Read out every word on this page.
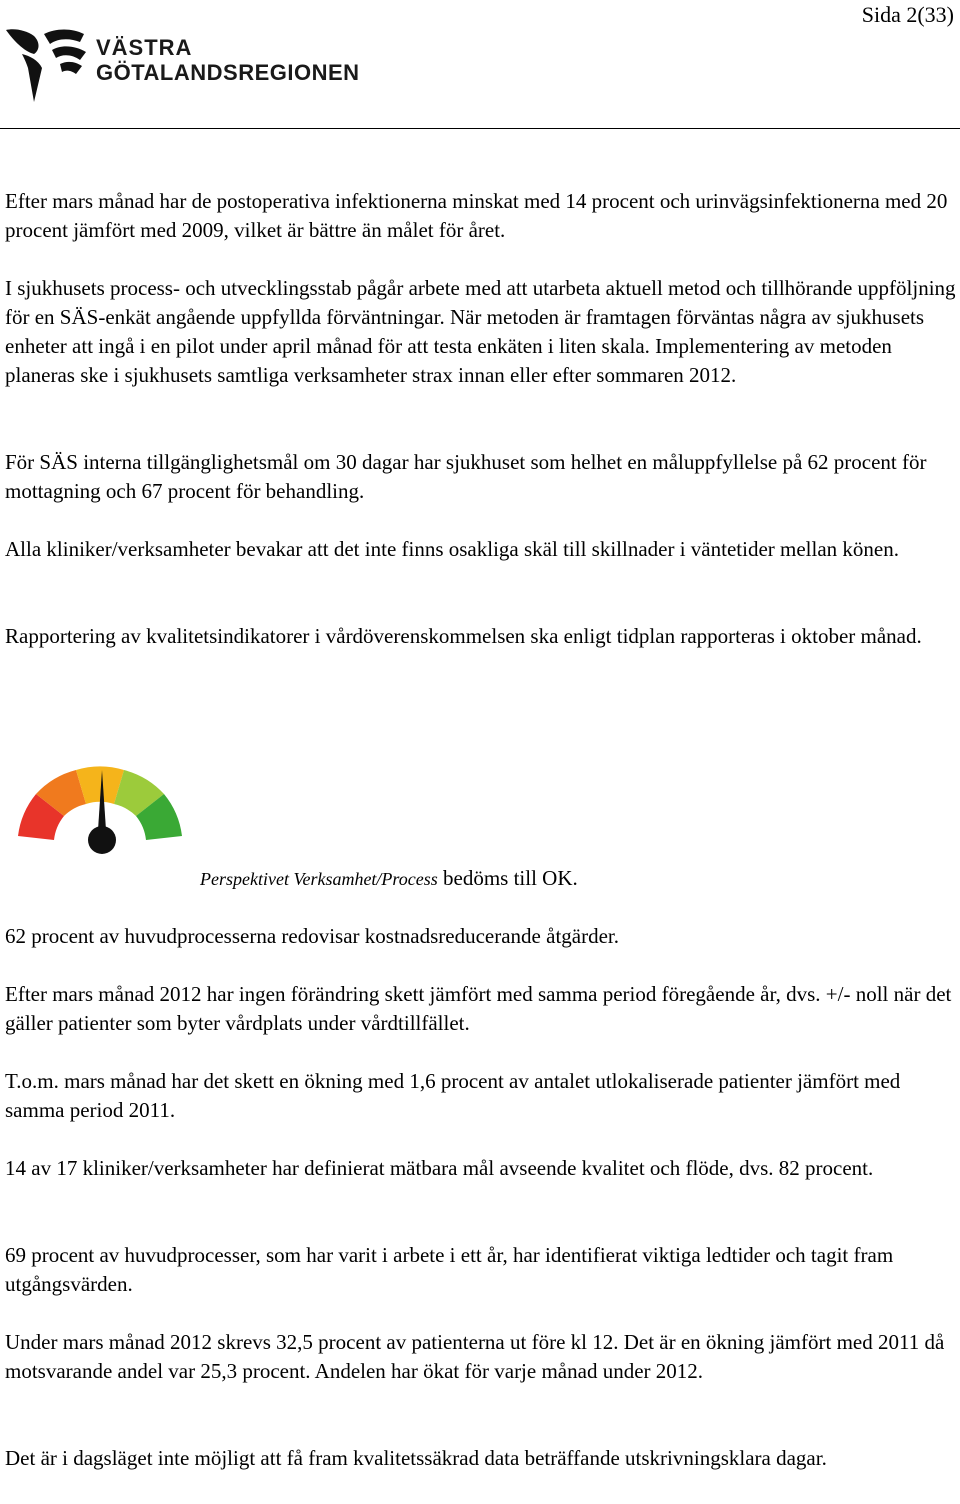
Sida 2(33)
VÄSTRA
GÖTALANDSREGIONEN

Efter mars månad har de postoperativa infektionerna minskat med 14 procent och urinvägsinfektionerna med 20 procent jämfört med 2009, vilket är bättre än målet för året.

I sjukhusets process- och utvecklingsstab pågår arbete med att utarbeta aktuell metod och tillhörande uppföljning för en SÄS-enkät angående uppfyllda förväntningar. När metoden är framtagen förväntas några av sjukhusets enheter att ingå i en pilot under april månad för att testa enkäten i liten skala. Implementering av metoden planeras ske i sjukhusets samtliga verksamheter strax innan eller efter sommaren 2012.

För SÄS interna tillgänglighetsmål om 30 dagar har sjukhuset som helhet en måluppfyllelse på 62 procent för mottagning och 67 procent för behandling.

Alla kliniker/verksamheter bevakar att det inte finns osakliga skäl till skillnader i väntetider mellan könen.

Rapportering av kvalitetsindikatorer i vårdöverenskommelsen ska enligt tidplan rapporteras i oktober månad.

Perspektivet Verksamhet/Process bedöms till OK.

62 procent av huvudprocesserna redovisar kostnadsreducerande åtgärder.

Efter mars månad 2012 har ingen förändring skett jämfört med samma period föregående år, dvs. +/- noll när det gäller patienter som byter vårdplats under vårdtillfället.

T.o.m. mars månad har det skett en ökning med 1,6 procent av antalet utlokaliserade patienter jämfört med samma period 2011.

14 av 17 kliniker/verksamheter har definierat mätbara mål avseende kvalitet och flöde, dvs. 82 procent.

69 procent av huvudprocesser, som har varit i arbete i ett år, har identifierat viktiga ledtider och tagit fram utgångsvärden.

Under mars månad 2012 skrevs 32,5 procent av patienterna ut före kl 12. Det är en ökning jämfört med 2011 då motsvarande andel var 25,3 procent. Andelen har ökat för varje månad under 2012.

Det är i dagsläget inte möjligt att få fram kvalitetssäkrad data beträffande utskrivningsklara dagar.
